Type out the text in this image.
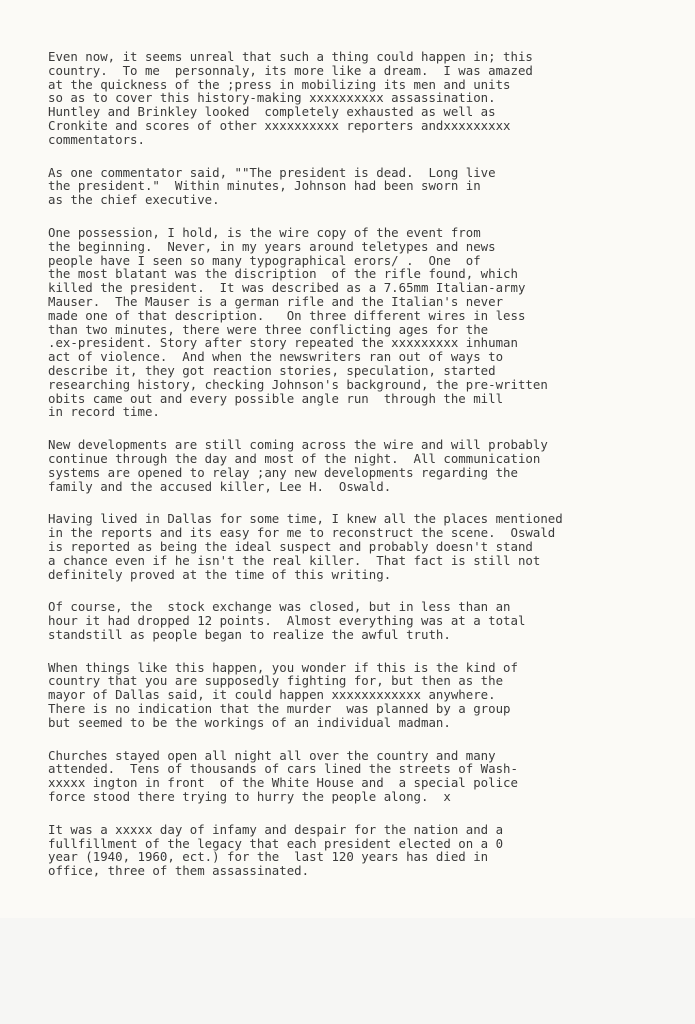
Even now, it seems unreal that such a thing could happen in; this
country.  To me  personnaly, its more like a dream.  I was amazed
at the quickness of the ;press in mobilizing its men and units
so as to cover this history-making xxxxxxxxxx assassination.
Huntley and Brinkley looked  completely exhausted as well as
Cronkite and scores of other xxxxxxxxxx reporters andxxxxxxxxx
commentators.
As one commentator said, ""The president is dead.  Long live
the president."  Within minutes, Johnson had been sworn in
as the chief executive.
One possession, I hold, is the wire copy of the event from
the beginning.  Never, in my years around teletypes and news
people have I seen so many typographical erors/ .  One  of
the most blatant was the discription  of the rifle found, which
killed the president.  It was described as a 7.65mm Italian-army
Mauser.  The Mauser is a german rifle and the Italian's never
made one of that description.   On three different wires in less
than two minutes, there were three conflicting ages for the
.ex-president. Story after story repeated the xxxxxxxxx inhuman
act of violence.  And when the newswriters ran out of ways to
describe it, they got reaction stories, speculation, started
researching history, checking Johnson's background, the pre-written
obits came out and every possible angle run  through the mill
in record time.
New developments are still coming across the wire and will probably
continue through the day and most of the night.  All communication
systems are opened to relay ;any new developments regarding the
family and the accused killer, Lee H.  Oswald.
Having lived in Dallas for some time, I knew all the places mentioned
in the reports and its easy for me to reconstruct the scene.  Oswald
is reported as being the ideal suspect and probably doesn't stand
a chance even if he isn't the real killer.  That fact is still not
definitely proved at the time of this writing.
Of course, the  stock exchange was closed, but in less than an
hour it had dropped 12 points.  Almost everything was at a total
standstill as people began to realize the awful truth.
When things like this happen, you wonder if this is the kind of
country that you are supposedly fighting for, but then as the
mayor of Dallas said, it could happen xxxxxxxxxxxx anywhere.
There is no indication that the murder  was planned by a group
but seemed to be the workings of an individual madman.
Churches stayed open all night all over the country and many
attended.  Tens of thousands of cars lined the streets of Wash-
xxxxx ington in front  of the White House and  a special police
force stood there trying to hurry the people along.  x
It was a xxxxx day of infamy and despair for the nation and a
fullfillment of the legacy that each president elected on a 0
year (1940, 1960, ect.) for the  last 120 years has died in
office, three of them assassinated.
